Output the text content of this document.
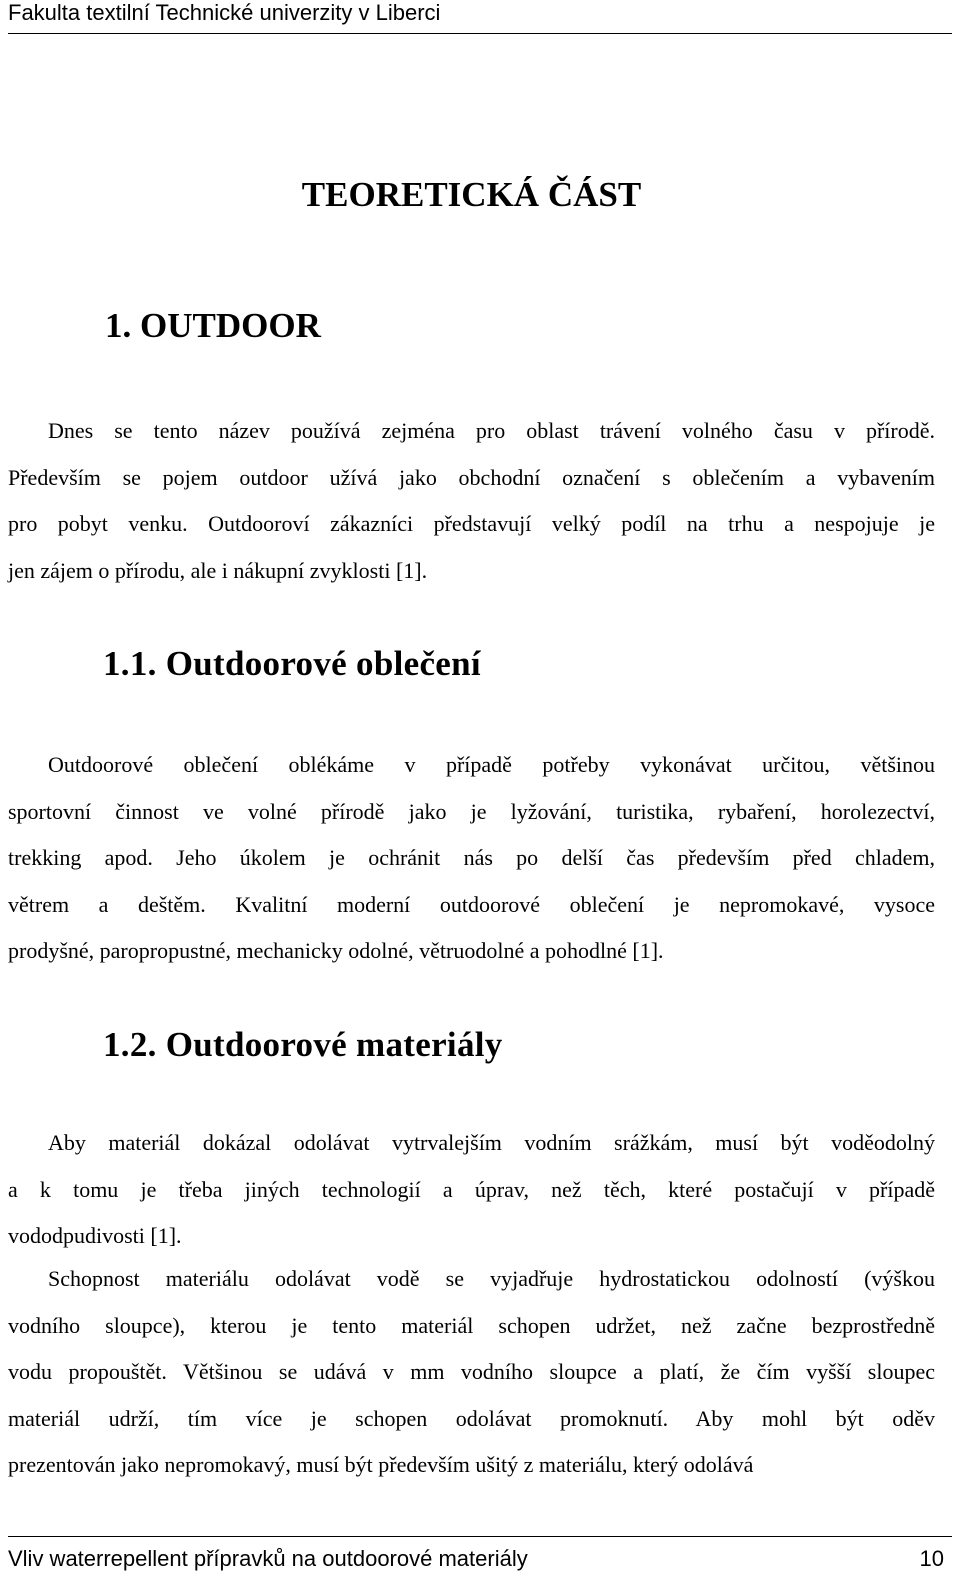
Fakulta textilní Technické univerzity v Liberci
TEORETICKÁ ČÁST
1. OUTDOOR
Dnes se tento název používá zejména pro oblast trávení volného času v přírodě.
Především se pojem outdoor užívá jako obchodní označení s oblečením a vybavením
pro pobyt venku. Outdooroví zákazníci představují velký podíl na trhu a nespojuje je
jen zájem o přírodu, ale i nákupní zvyklosti [1].
1.1. Outdoorové oblečení
Outdoorové oblečení oblékáme v případě potřeby vykonávat určitou, většinou
sportovní činnost ve volné přírodě jako je lyžování, turistika, rybaření, horolezectví,
trekking apod. Jeho úkolem je ochránit nás po delší čas především před chladem,
větrem a deštěm. Kvalitní moderní outdoorové oblečení je nepromokavé, vysoce
prodyšné, paropropustné, mechanicky odolné, větruodolné a pohodlné [1].
1.2. Outdoorové materiály
Aby materiál dokázal odolávat vytrvalejším vodním srážkám, musí být voděodolný
a k tomu je třeba jiných technologií a úprav, než těch, které postačují v případě
vododpudivosti [1].
Schopnost materiálu odolávat vodě se vyjadřuje hydrostatickou odolností (výškou
vodního sloupce), kterou je tento materiál schopen udržet, než začne bezprostředně
vodu propouštět. Většinou se udává v mm vodního sloupce a platí, že čím vyšší sloupec
materiál udrží, tím více je schopen odolávat promoknutí. Aby mohl být oděv
prezentován jako nepromokavý, musí být především ušitý z materiálu, který odolává
Vliv waterrepellent přípravků na outdoorové materiály	10
